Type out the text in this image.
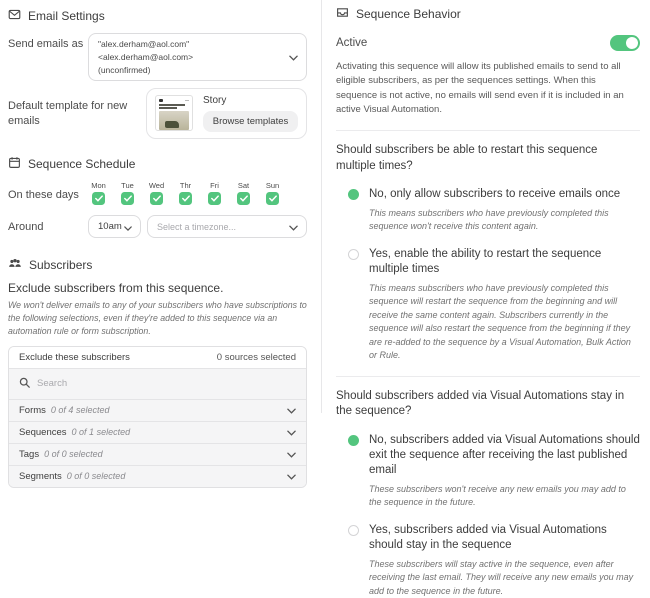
Email Settings
Send emails as	"alex.derham@aol.com" <alex.derham@aol.com>
(unconfirmed)
Default template for new emails
Story
Browse templates
Sequence Schedule
On these days
Mon Tue Wed Thr	Fri	Sat Sun
Around	10am	Select a timezone...
Subscribers
Exclude subscribers from this sequence.
We won't deliver emails to any of your subscribers who have subscriptions to the following selections, even if they're added to this sequence via an automation rule or form subscription.
Exclude these subscribers	0 sources selected
Search
Forms 0 of 4 selected
Sequences 0 of 1 selected
Tags 0 of 0 selected
Segments 0 of 0 selected
Sequence Behavior
Active
Activating this sequence will allow its published emails to send to all eligible subscribers, as per the sequences settings. When this sequence is not active, no emails will send even if it is included in an active Visual Automation.
Should subscribers be able to restart this sequence multiple times?
No, only allow subscribers to receive emails once
This means subscribers who have previously completed this sequence won't receive this content again.
Yes, enable the ability to restart the sequence multiple times
This means subscribers who have previously completed this sequence will restart the sequence from the beginning and will receive the same content again. Subscribers currently in the sequence will also restart the sequence from the beginning if they are re-added to the sequence by a Visual Automation, Bulk Action or Rule.
Should subscribers added via Visual Automations stay in the sequence?
No, subscribers added via Visual Automations should exit the sequence after receiving the last published email
These subscribers won't receive any new emails you may add to the sequence in the future.
Yes, subscribers added via Visual Automations should stay in the sequence
These subscribers will stay active in the sequence, even after receiving the last email. They will receive any new emails you may add to the sequence in the future.
